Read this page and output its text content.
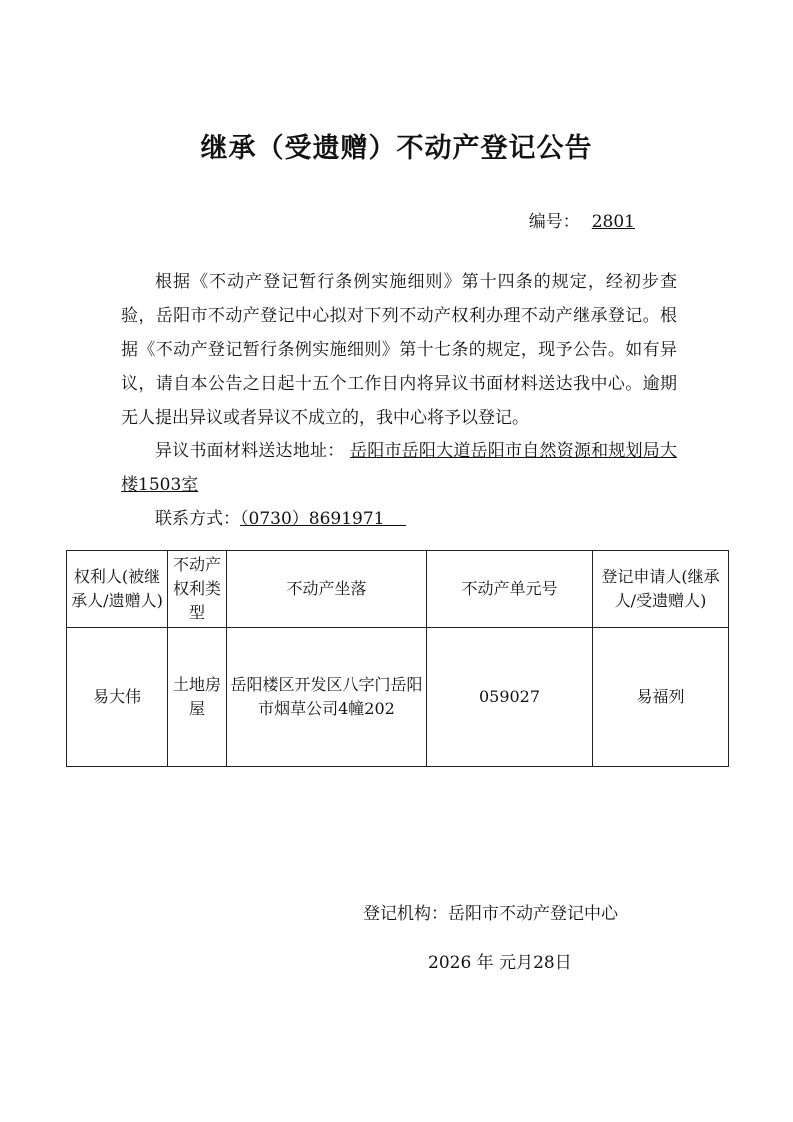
继承（受遗赠）不动产登记公告
编号： 2801
根据《不动产登记暂行条例实施细则》第十四条的规定，经初步查验，岳阳市不动产登记中心拟对下列不动产权利办理不动产继承登记。根据《不动产登记暂行条例实施细则》第十七条的规定，现予公告。如有异议，请自本公告之日起十五个工作日内将异议书面材料送达我中心。逾期无人提出异议或者异议不成立的，我中心将予以登记。
异议书面材料送达地址： 岳阳市岳阳大道岳阳市自然资源和规划局大楼1503室
联系方式：（0730）8691971
权利人(被继承人/遗赠人)	不动产权利类型	不动产坐落	不动产单元号	登记申请人(继承人/受遗赠人)
易大伟	土地房屋	岳阳楼区开发区八字门岳阳市烟草公司4幢202	059027	易福列
登记机构：岳阳市不动产登记中心
2026 年 元月28日
